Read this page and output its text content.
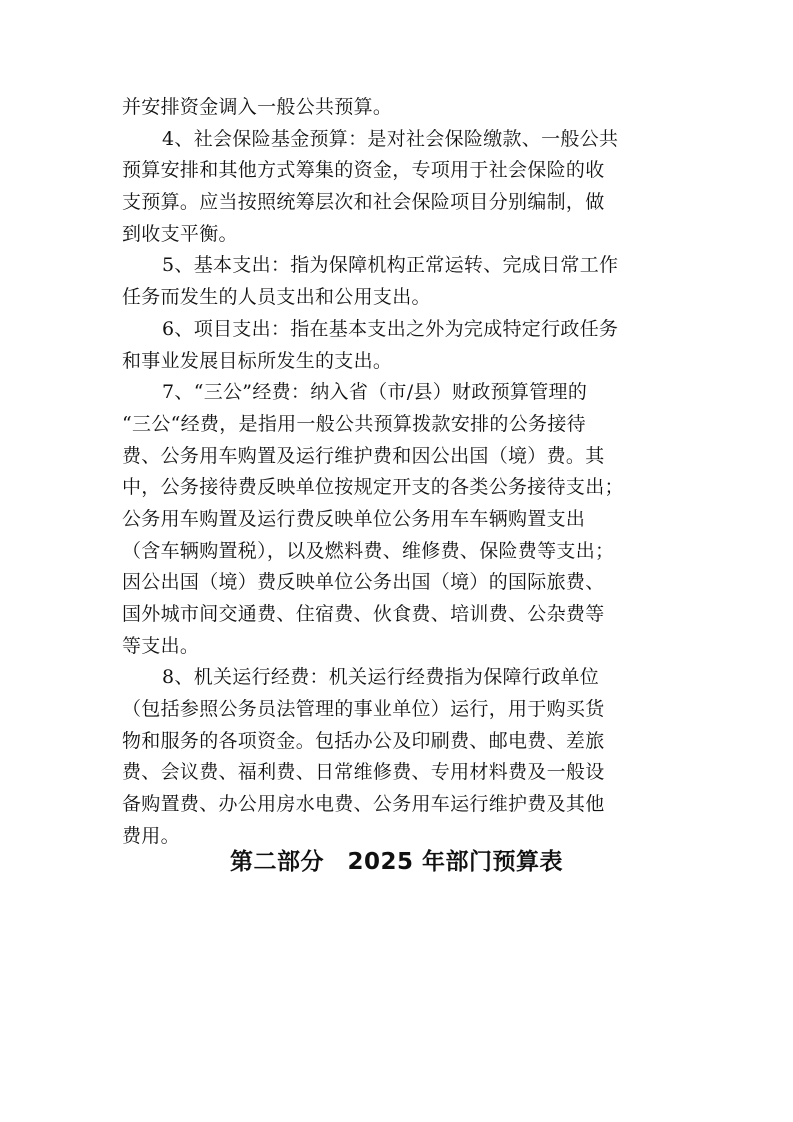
并安排资金调入一般公共预算。
4、社会保险基金预算：是对社会保险缴款、一般公共
预算安排和其他方式筹集的资金，专项用于社会保险的收
支预算。应当按照统筹层次和社会保险项目分别编制，做
到收支平衡。
5、基本支出：指为保障机构正常运转、完成日常工作
任务而发生的人员支出和公用支出。
6、项目支出：指在基本支出之外为完成特定行政任务
和事业发展目标所发生的支出。
7、“三公”经费：纳入省（市/县）财政预算管理的
“三公“经费，是指用一般公共预算拨款安排的公务接待
费、公务用车购置及运行维护费和因公出国（境）费。其
中，公务接待费反映单位按规定开支的各类公务接待支出；
公务用车购置及运行费反映单位公务用车车辆购置支出
（含车辆购置税），以及燃料费、维修费、保险费等支出；
因公出国（境）费反映单位公务出国（境）的国际旅费、
国外城市间交通费、住宿费、伙食费、培训费、公杂费等
等支出。
8、机关运行经费：机关运行经费指为保障行政单位
（包括参照公务员法管理的事业单位）运行，用于购买货
物和服务的各项资金。包括办公及印刷费、邮电费、差旅
费、会议费、福利费、日常维修费、专用材料费及一般设
备购置费、办公用房水电费、公务用车运行维护费及其他
费用。
第二部分　2025 年部门预算表
